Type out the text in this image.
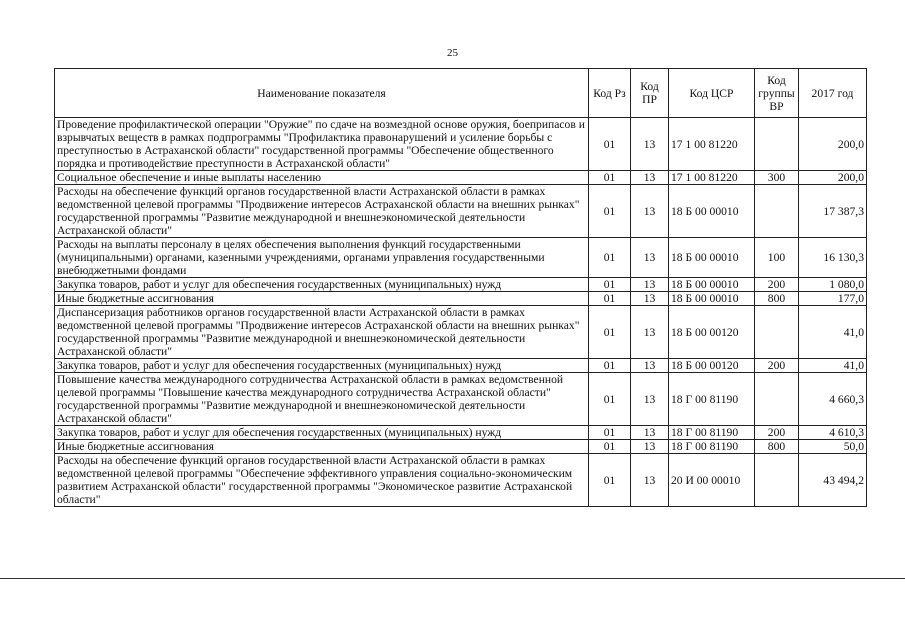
25
Наименование показателя	Код Рз	Код ПР	Код ЦСР	Код группы ВР	2017 год
Проведение профилактической операции "Оружие" по сдаче на возмездной основе оружия, боеприпасов и взрывчатых веществ в рамках подпрограммы "Профилактика правонарушений и усиление борьбы с преступностью в Астраханской области" государственной программы "Обеспечение общественного порядка и противодействие преступности в Астраханской области"	01	13	17 1 00 81220		200,0
Социальное обеспечение и иные выплаты населению	01	13	17 1 00 81220	300	200,0
Расходы на обеспечение функций органов государственной власти Астраханской области в рамках ведомственной целевой программы "Продвижение интересов Астраханской области на внешних рынках" государственной программы "Развитие международной и внешнеэкономической деятельности Астраханской области"	01	13	18 Б 00 00010		17 387,3
Расходы на выплаты персоналу в целях обеспечения выполнения функций государственными (муниципальными) органами, казенными учреждениями, органами управления государственными внебюджетными фондами	01	13	18 Б 00 00010	100	16 130,3
Закупка товаров, работ и услуг для обеспечения государственных (муниципальных) нужд	01	13	18 Б 00 00010	200	1 080,0
Иные бюджетные ассигнования	01	13	18 Б 00 00010	800	177,0
Диспансеризация работников органов государственной власти Астраханской области в рамках ведомственной целевой программы "Продвижение интересов Астраханской области на внешних рынках" государственной программы "Развитие международной и внешнеэкономической деятельности Астраханской области"	01	13	18 Б 00 00120		41,0
Закупка товаров, работ и услуг для обеспечения государственных (муниципальных) нужд	01	13	18 Б 00 00120	200	41,0
Повышение качества международного сотрудничества Астраханской области в рамках ведомственной целевой программы "Повышение качества международного сотрудничества Астраханской области" государственной программы "Развитие международной и внешнеэкономической деятельности Астраханской области"	01	13	18 Г 00 81190		4 660,3
Закупка товаров, работ и услуг для обеспечения государственных (муниципальных) нужд	01	13	18 Г 00 81190	200	4 610,3
Иные бюджетные ассигнования	01	13	18 Г 00 81190	800	50,0
Расходы на обеспечение функций органов государственной власти Астраханской области в рамках ведомственной целевой программы "Обеспечение эффективного управления социально-экономическим развитием Астраханской области" государственной программы "Экономическое развитие Астраханской области"	01	13	20 И 00 00010		43 494,2
